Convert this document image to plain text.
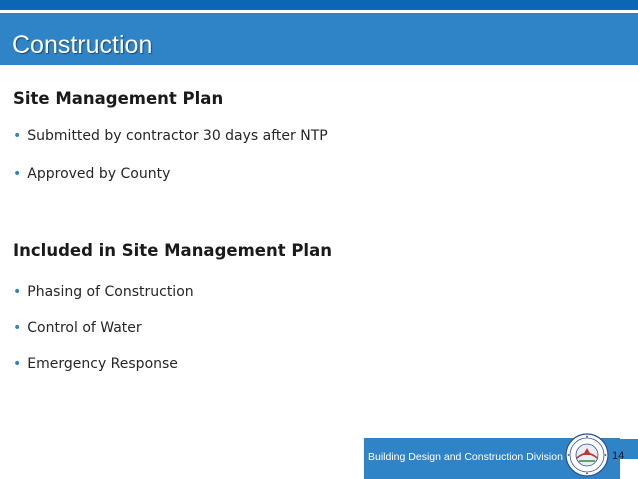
Construction
Site Management Plan
• Submitted by contractor 30 days after NTP
• Approved by County
Included in Site Management Plan
• Phasing of Construction
• Control of Water
• Emergency Response
Building Design and Construction Division	14
